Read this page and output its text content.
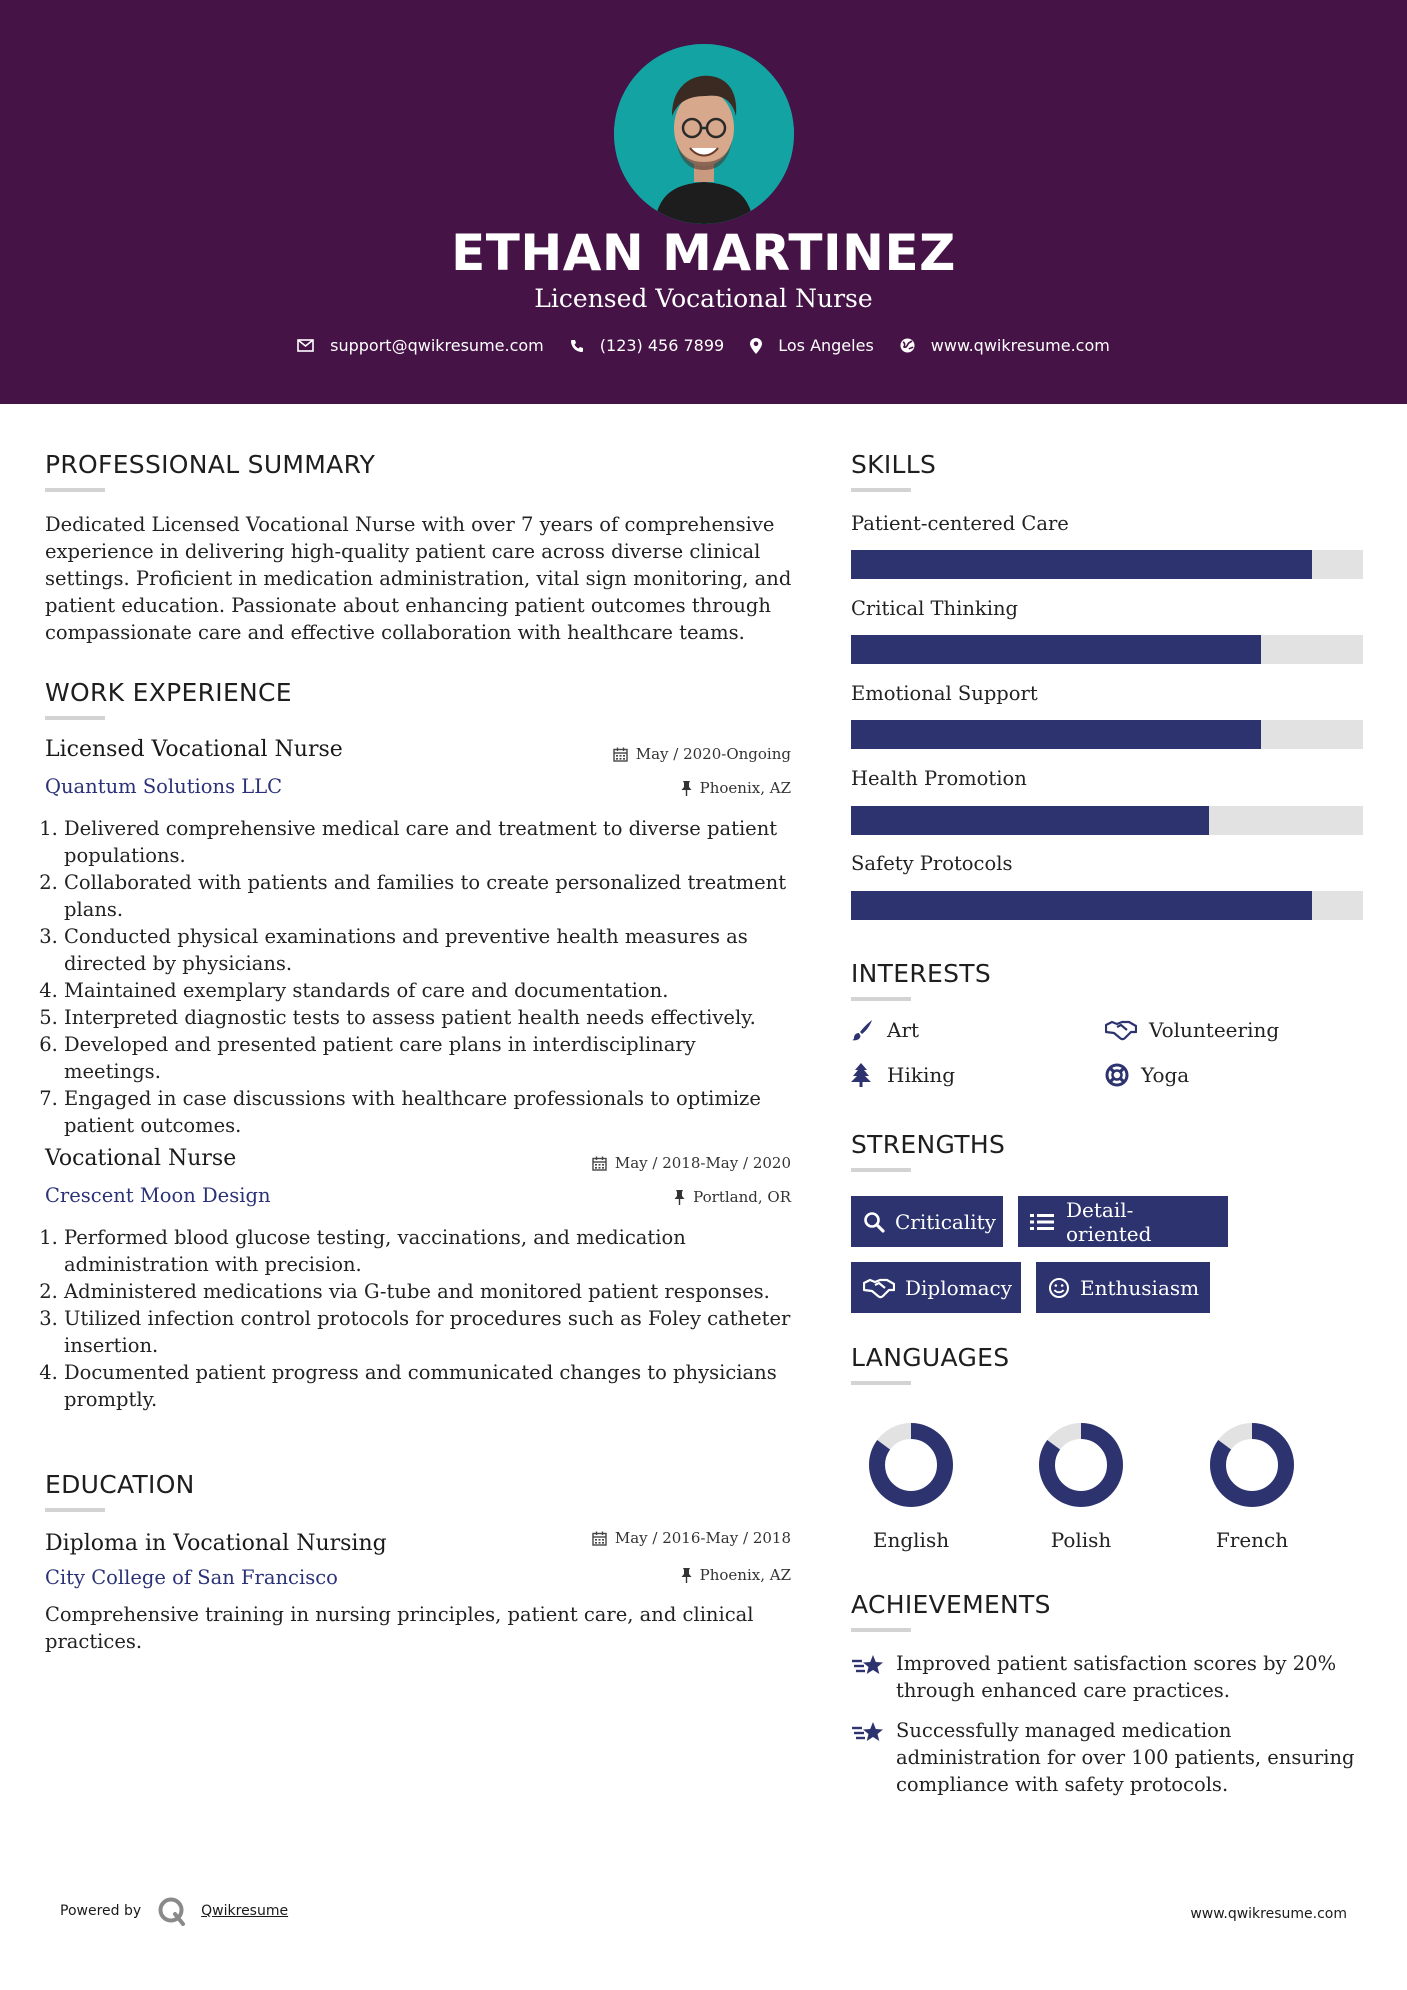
ETHAN MARTINEZ
Licensed Vocational Nurse
support@qwikresume.com	(123) 456 7899	Los Angeles	www.qwikresume.com
PROFESSIONAL SUMMARY
Dedicated Licensed Vocational Nurse with over 7 years of comprehensive
experience in delivering high-quality patient care across diverse clinical
settings. Proficient in medication administration, vital sign monitoring, and
patient education. Passionate about enhancing patient outcomes through
compassionate care and effective collaboration with healthcare teams.
WORK EXPERIENCE
Licensed Vocational Nurse	May / 2020-Ongoing
Quantum Solutions LLC	Phoenix, AZ
1. Delivered comprehensive medical care and treatment to diverse patient populations.
2. Collaborated with patients and families to create personalized treatment plans.
3. Conducted physical examinations and preventive health measures as directed by physicians.
4. Maintained exemplary standards of care and documentation.
5. Interpreted diagnostic tests to assess patient health needs effectively.
6. Developed and presented patient care plans in interdisciplinary meetings.
7. Engaged in case discussions with healthcare professionals to optimize patient outcomes.
Vocational Nurse	May / 2018-May / 2020
Crescent Moon Design	Portland, OR
1. Performed blood glucose testing, vaccinations, and medication administration with precision.
2. Administered medications via G-tube and monitored patient responses.
3. Utilized infection control protocols for procedures such as Foley catheter insertion.
4. Documented patient progress and communicated changes to physicians promptly.
EDUCATION
Diploma in Vocational Nursing	May / 2016-May / 2018
City College of San Francisco	Phoenix, AZ
Comprehensive training in nursing principles, patient care, and clinical
practices.
SKILLS
Patient-centered Care
Critical Thinking
Emotional Support
Health Promotion
Safety Protocols
INTERESTS
Art	Volunteering
Hiking	Yoga
STRENGTHS
Criticality	Detail-oriented
Diplomacy	Enthusiasm
LANGUAGES
English	Polish	French
ACHIEVEMENTS
Improved patient satisfaction scores by 20%
through enhanced care practices.
Successfully managed medication
administration for over 100 patients, ensuring
compliance with safety protocols.
Powered by	Qwikresume	www.qwikresume.com
